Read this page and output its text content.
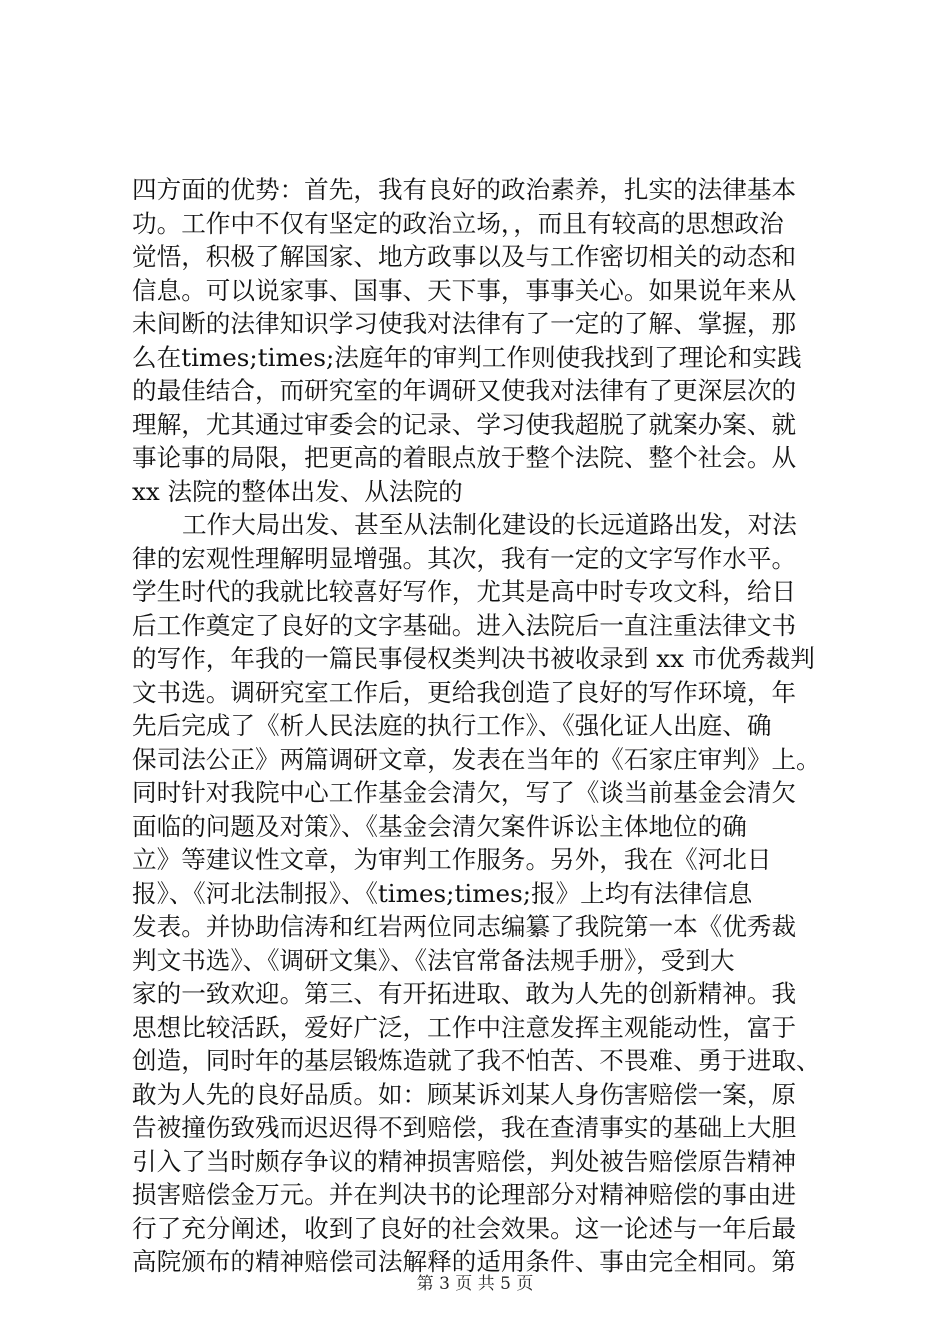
四方面的优势：首先，我有良好的政治素养，扎实的法律基本
功。工作中不仅有坚定的政治立场，，而且有较高的思想政治
觉悟，积极了解国家、地方政事以及与工作密切相关的动态和
信息。可以说家事、国事、天下事，事事关心。如果说年来从
未间断的法律知识学习使我对法律有了一定的了解、掌握，那
么在times;times;法庭年的审判工作则使我找到了理论和实践
的最佳结合，而研究室的年调研又使我对法律有了更深层次的
理解，尤其通过审委会的记录、学习使我超脱了就案办案、就
事论事的局限，把更高的着眼点放于整个法院、整个社会。从
xx 法院的整体出发、从法院的
工作大局出发、甚至从法制化建设的长远道路出发，对法
律的宏观性理解明显增强。其次，我有一定的文字写作水平。
学生时代的我就比较喜好写作，尤其是高中时专攻文科，给日
后工作奠定了良好的文字基础。进入法院后一直注重法律文书
的写作，年我的一篇民事侵权类判决书被收录到 xx 市优秀裁判
文书选。调研究室工作后，更给我创造了良好的写作环境，年
先后完成了《析人民法庭的执行工作》、《强化证人出庭、确
保司法公正》两篇调研文章，发表在当年的《石家庄审判》上。
同时针对我院中心工作基金会清欠，写了《谈当前基金会清欠
面临的问题及对策》、《基金会清欠案件诉讼主体地位的确
立》等建议性文章，为审判工作服务。另外，我在《河北日
报》、《河北法制报》、《times;times;报》上均有法律信息
发表。并协助信涛和红岩两位同志编纂了我院第一本《优秀裁
判文书选》、《调研文集》、《法官常备法规手册》，受到大
家的一致欢迎。第三、有开拓进取、敢为人先的创新精神。我
思想比较活跃，爱好广泛，工作中注意发挥主观能动性，富于
创造，同时年的基层锻炼造就了我不怕苦、不畏难、勇于进取、
敢为人先的良好品质。如：顾某诉刘某人身伤害赔偿一案，原
告被撞伤致残而迟迟得不到赔偿，我在查清事实的基础上大胆
引入了当时颇存争议的精神损害赔偿，判处被告赔偿原告精神
损害赔偿金万元。并在判决书的论理部分对精神赔偿的事由进
行了充分阐述，收到了良好的社会效果。这一论述与一年后最
高院颁布的精神赔偿司法解释的适用条件、事由完全相同。第
第 3 页 共 5 页
